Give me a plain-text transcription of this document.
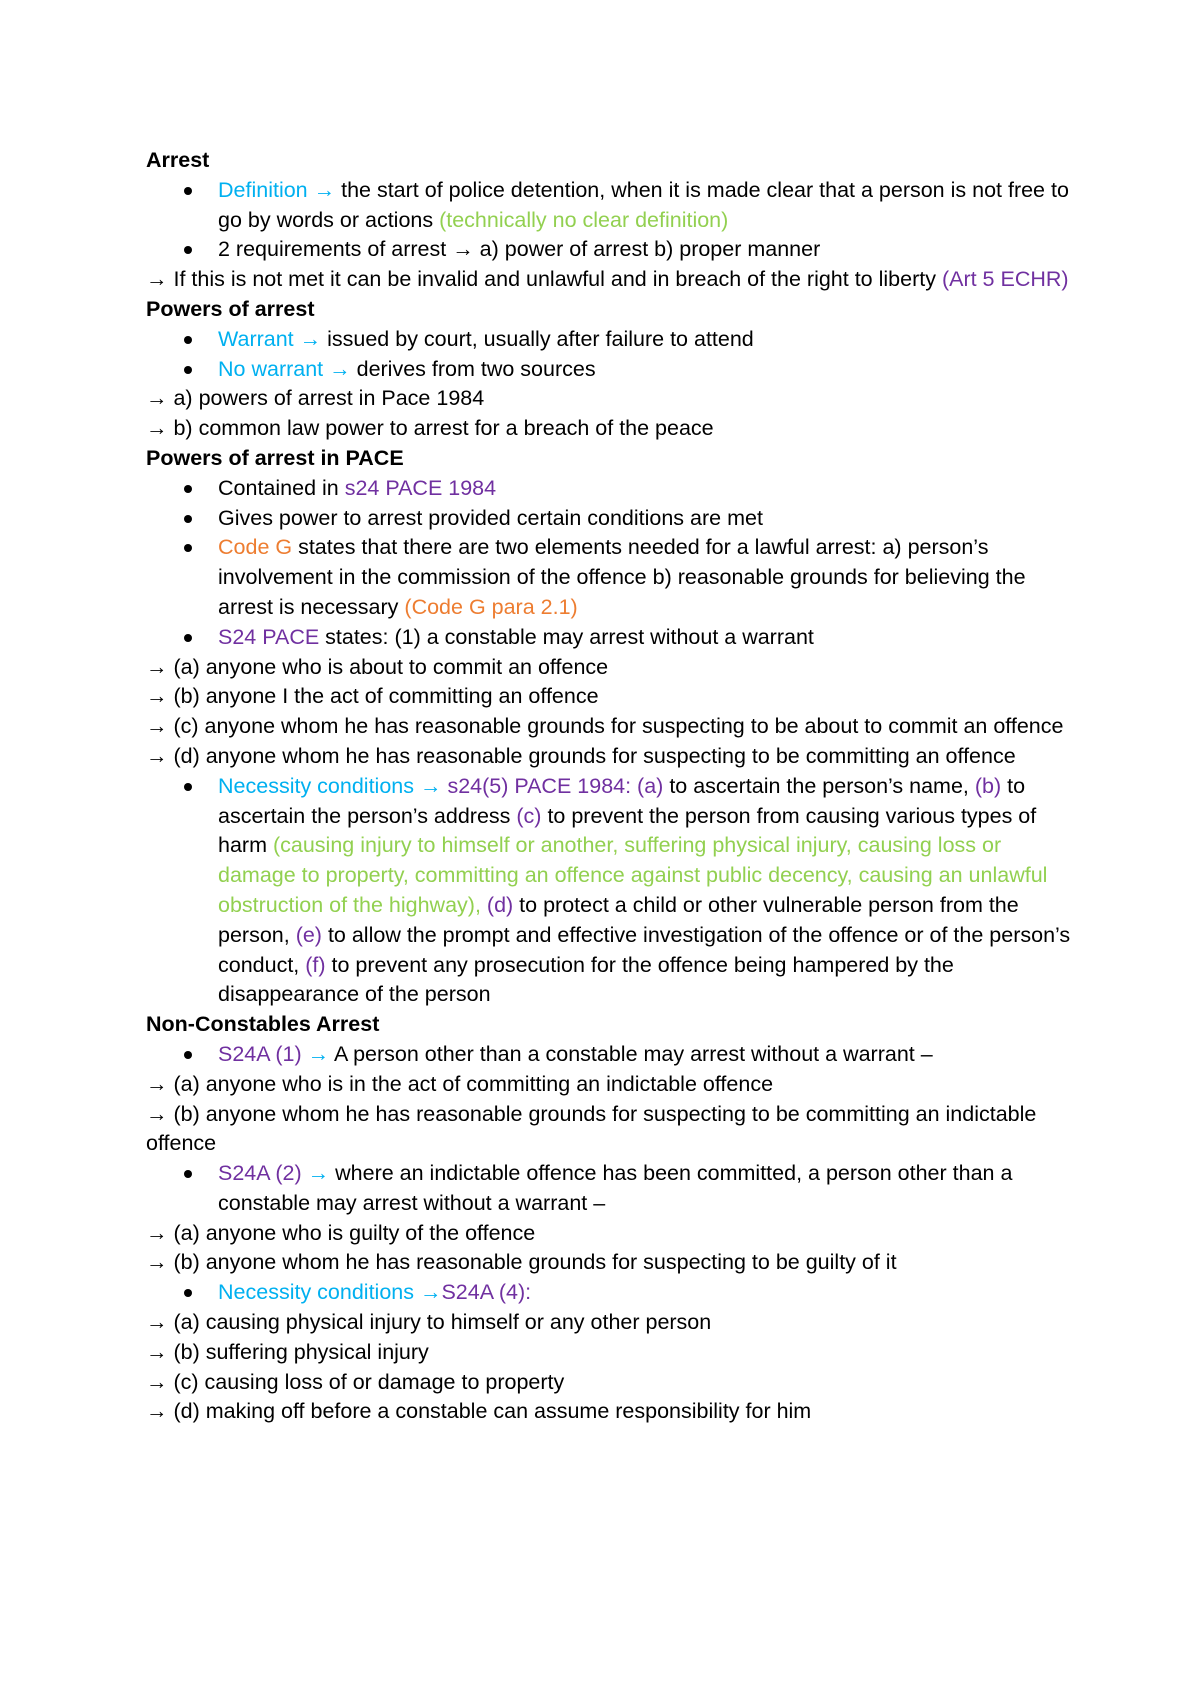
Arrest

Definition → the start of police detention, when it is made clear that a person is not free to go by words or actions (technically no clear definition)

2 requirements of arrest → a) power of arrest b) proper manner

→ If this is not met it can be invalid and unlawful and in breach of the right to liberty (Art 5 ECHR)

Powers of arrest

Warrant → issued by court, usually after failure to attend

No warrant → derives from two sources

→ a) powers of arrest in Pace 1984

→ b) common law power to arrest for a breach of the peace

Powers of arrest in PACE

Contained in s24 PACE 1984

Gives power to arrest provided certain conditions are met

Code G states that there are two elements needed for a lawful arrest: a) person’s involvement in the commission of the offence b) reasonable grounds for believing the arrest is necessary (Code G para 2.1)

S24 PACE states: (1) a constable may arrest without a warrant

→ (a) anyone who is about to commit an offence

→ (b) anyone I the act of committing an offence

→ (c) anyone whom he has reasonable grounds for suspecting to be about to commit an offence

→ (d) anyone whom he has reasonable grounds for suspecting to be committing an offence

Necessity conditions → s24(5) PACE 1984: (a) to ascertain the person’s name, (b) to ascertain the person’s address (c) to prevent the person from causing various types of harm (causing injury to himself or another, suffering physical injury, causing loss or damage to property, committing an offence against public decency, causing an unlawful obstruction of the highway), (d) to protect a child or other vulnerable person from the person, (e) to allow the prompt and effective investigation of the offence or of the person’s conduct, (f) to prevent any prosecution for the offence being hampered by the disappearance of the person

Non-Constables Arrest

S24A (1) → A person other than a constable may arrest without a warrant –

→ (a) anyone who is in the act of committing an indictable offence

→ (b) anyone whom he has reasonable grounds for suspecting to be committing an indictable offence

S24A (2) → where an indictable offence has been committed, a person other than a constable may arrest without a warrant –

→ (a) anyone who is guilty of the offence

→ (b) anyone whom he has reasonable grounds for suspecting to be guilty of it

Necessity conditions →S24A (4):

→ (a) causing physical injury to himself or any other person

→ (b) suffering physical injury

→ (c) causing loss of or damage to property

→ (d) making off before a constable can assume responsibility for him
